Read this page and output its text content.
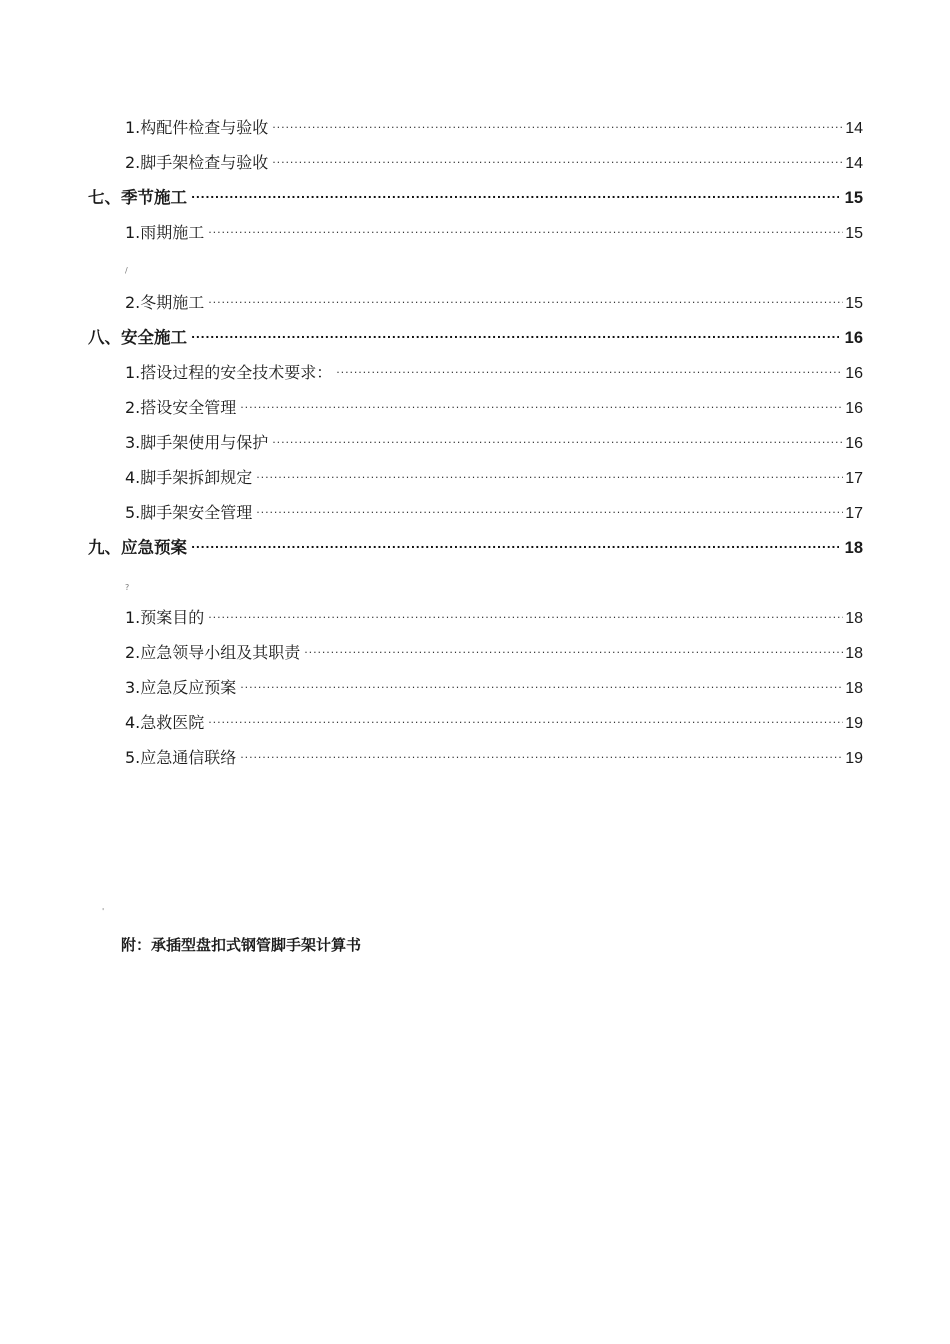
1.构配件检查与验收 .....	14
2.脚手架检查与验收 .....	14
七、季节施工 .....	15
1.雨期施工 .....	15
/
2.冬期施工 .....	15
八、安全施工 .....	16
1.搭设过程的安全技术要求： .....	16
2.搭设安全管理 .....	16
3.脚手架使用与保护 .....	16
4.脚手架拆卸规定 .....	17
5.脚手架安全管理 .....	17
九、应急预案 .....	18
?
1.预案目的 .....	18
2.应急领导小组及其职责 .....	18
3.应急反应预案 .....	18
4.急救医院 .....	19
5.应急通信联络 .....	19
'
附：承插型盘扣式钢管脚手架计算书
